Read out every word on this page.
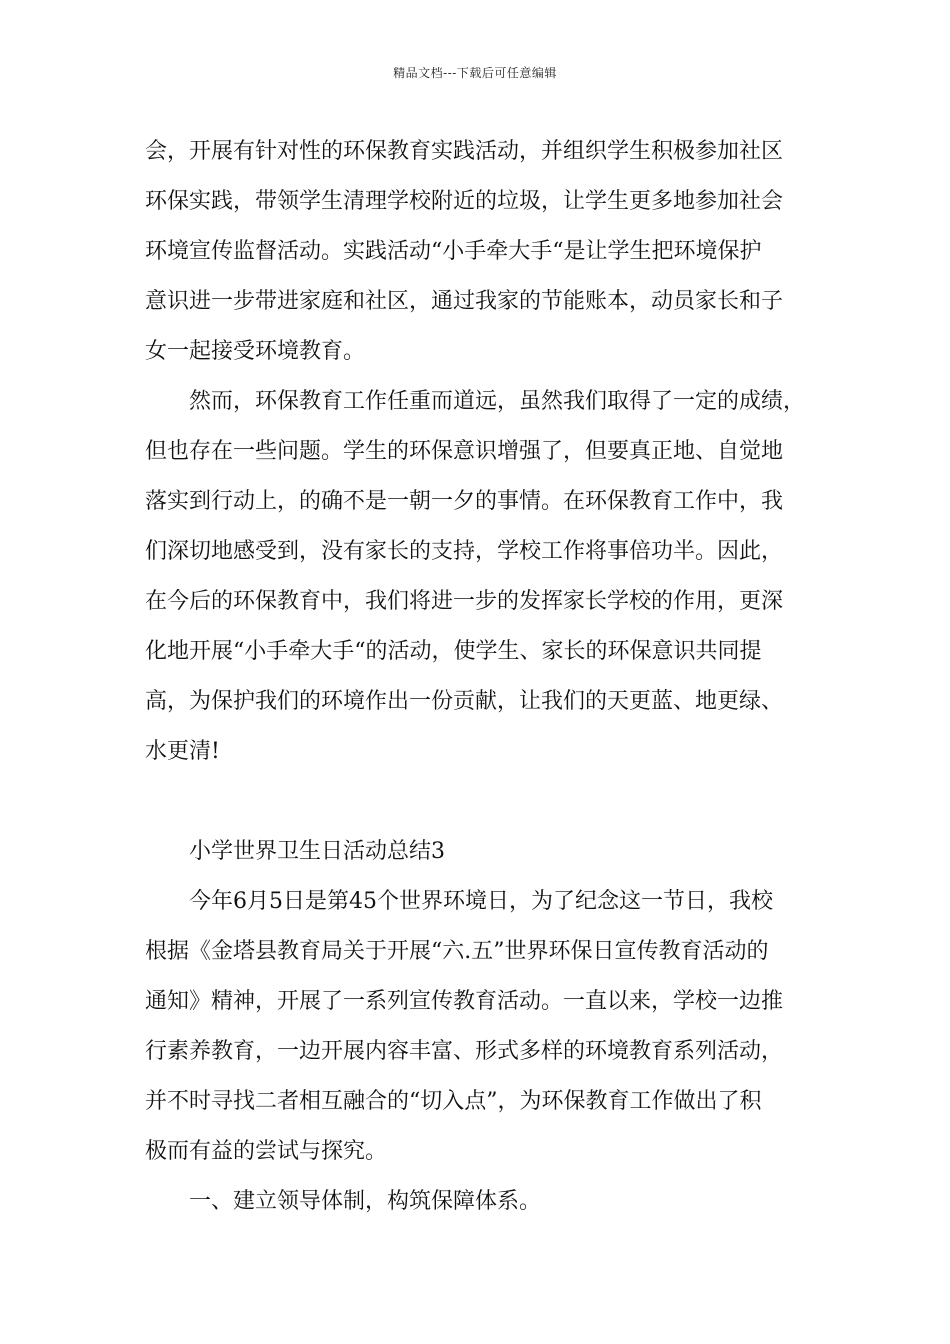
精品文档---下载后可任意编辑
会，开展有针对性的环保教育实践活动，并组织学生积极参加社区
环保实践，带领学生清理学校附近的垃圾，让学生更多地参加社会
环境宣传监督活动。实践活动“小手牵大手“是让学生把环境保护
意识进一步带进家庭和社区，通过我家的节能账本，动员家长和子
女一起接受环境教育。
然而，环保教育工作任重而道远，虽然我们取得了一定的成绩，
但也存在一些问题。学生的环保意识增强了，但要真正地、自觉地
落实到行动上，的确不是一朝一夕的事情。在环保教育工作中，我
们深切地感受到，没有家长的支持，学校工作将事倍功半。因此，
在今后的环保教育中，我们将进一步的发挥家长学校的作用，更深
化地开展“小手牵大手“的活动，使学生、家长的环保意识共同提
高，为保护我们的环境作出一份贡献，让我们的天更蓝、地更绿、
水更清!
小学世界卫生日活动总结3
今年6月5日是第45个世界环境日，为了纪念这一节日，我校
根据《金塔县教育局关于开展“六.五”世界环保日宣传教育活动的
通知》精神，开展了一系列宣传教育活动。一直以来，学校一边推
行素养教育，一边开展内容丰富、形式多样的环境教育系列活动，
并不时寻找二者相互融合的“切入点”，为环保教育工作做出了积
极而有益的尝试与探究。
一、建立领导体制，构筑保障体系。
